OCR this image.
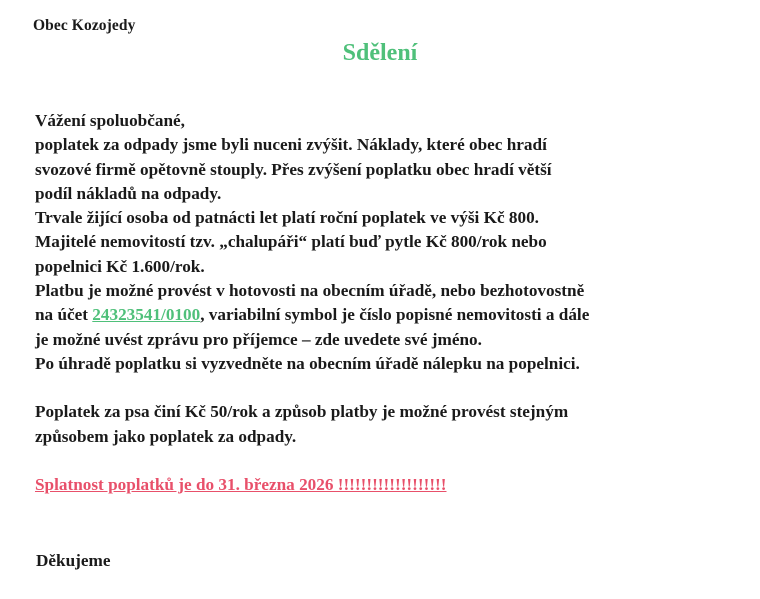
Obec Kozojedy
Sdělení

Vážení spoluobčané,

poplatek za odpady jsme byli nuceni zvýšit. Náklady, které obec hradí

svozové firmě opětovně stouply. Přes zvýšení poplatku obec hradí větší

podíl nákladů na odpady.

Trvale žijící osoba od patnácti let platí roční poplatek ve výši Kč 800.

Majitelé nemovitostí tzv. „chalupáři“ platí buď pytle Kč 800/rok nebo

popelnici Kč 1.600/rok.

Platbu je možné provést v hotovosti na obecním úřadě, nebo bezhotovostně

na účet 24323541/0100, variabilní symbol je číslo popisné nemovitosti a dále

je možné uvést zprávu pro příjemce – zde uvedete své jméno.

Po úhradě poplatku si vyzvedněte na obecním úřadě nálepku na popelnici.

Poplatek za psa činí Kč 50/rok a způsob platby je možné provést stejným

způsobem jako poplatek za odpady.

Splatnost poplatků je do 31. března 2026 !!!!!!!!!!!!!!!!!!!

Děkujeme
